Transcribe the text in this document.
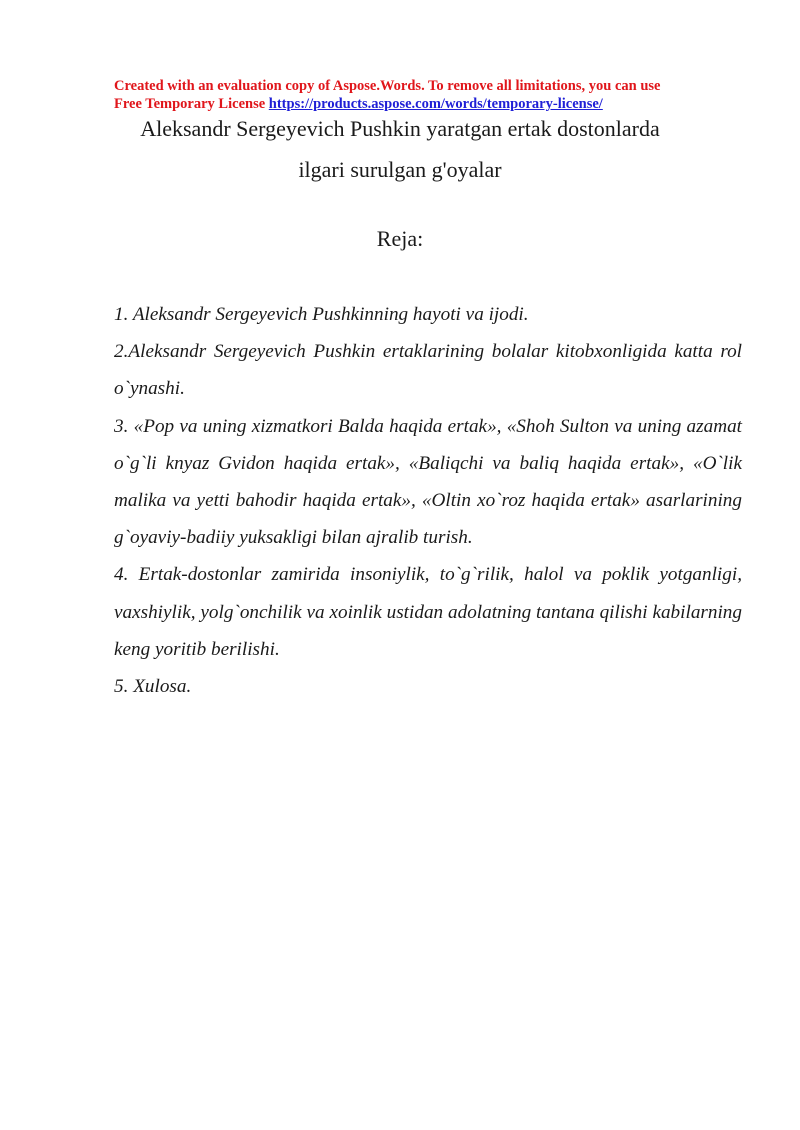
Created with an evaluation copy of Aspose.Words. To remove all limitations, you can use
Free Temporary License https://products.aspose.com/words/temporary-license/
Aleksandr Sergeyevich Pushkin yaratgan ertak dostonlarda
ilgari surulgan g'oyalar
Reja:

1. Aleksandr Sergeyevich Pushkinning hayoti va ijodi.

2.Aleksandr Sergeyevich Pushkin ertaklarining bolalar kitobxonligida katta rol o`ynashi.

3. «Pop va uning xizmatkori Balda haqida ertak», «Shoh Sulton va uning azamat o`g`li knyaz Gvidon haqida ertak», «Baliqchi va baliq haqida ertak», «O`lik malika va yetti bahodir haqida ertak», «Oltin xo`roz haqida ertak» asarlarining g`oyaviy-badiiy yuksakligi bilan ajralib turish.

4. Ertak-dostonlar zamirida insoniylik, to`g`rilik, halol va poklik yotganligi, vaxshiylik, yolg`onchilik va xoinlik ustidan adolatning tantana qilishi kabilarning keng yoritib berilishi.

5. Xulosa.
